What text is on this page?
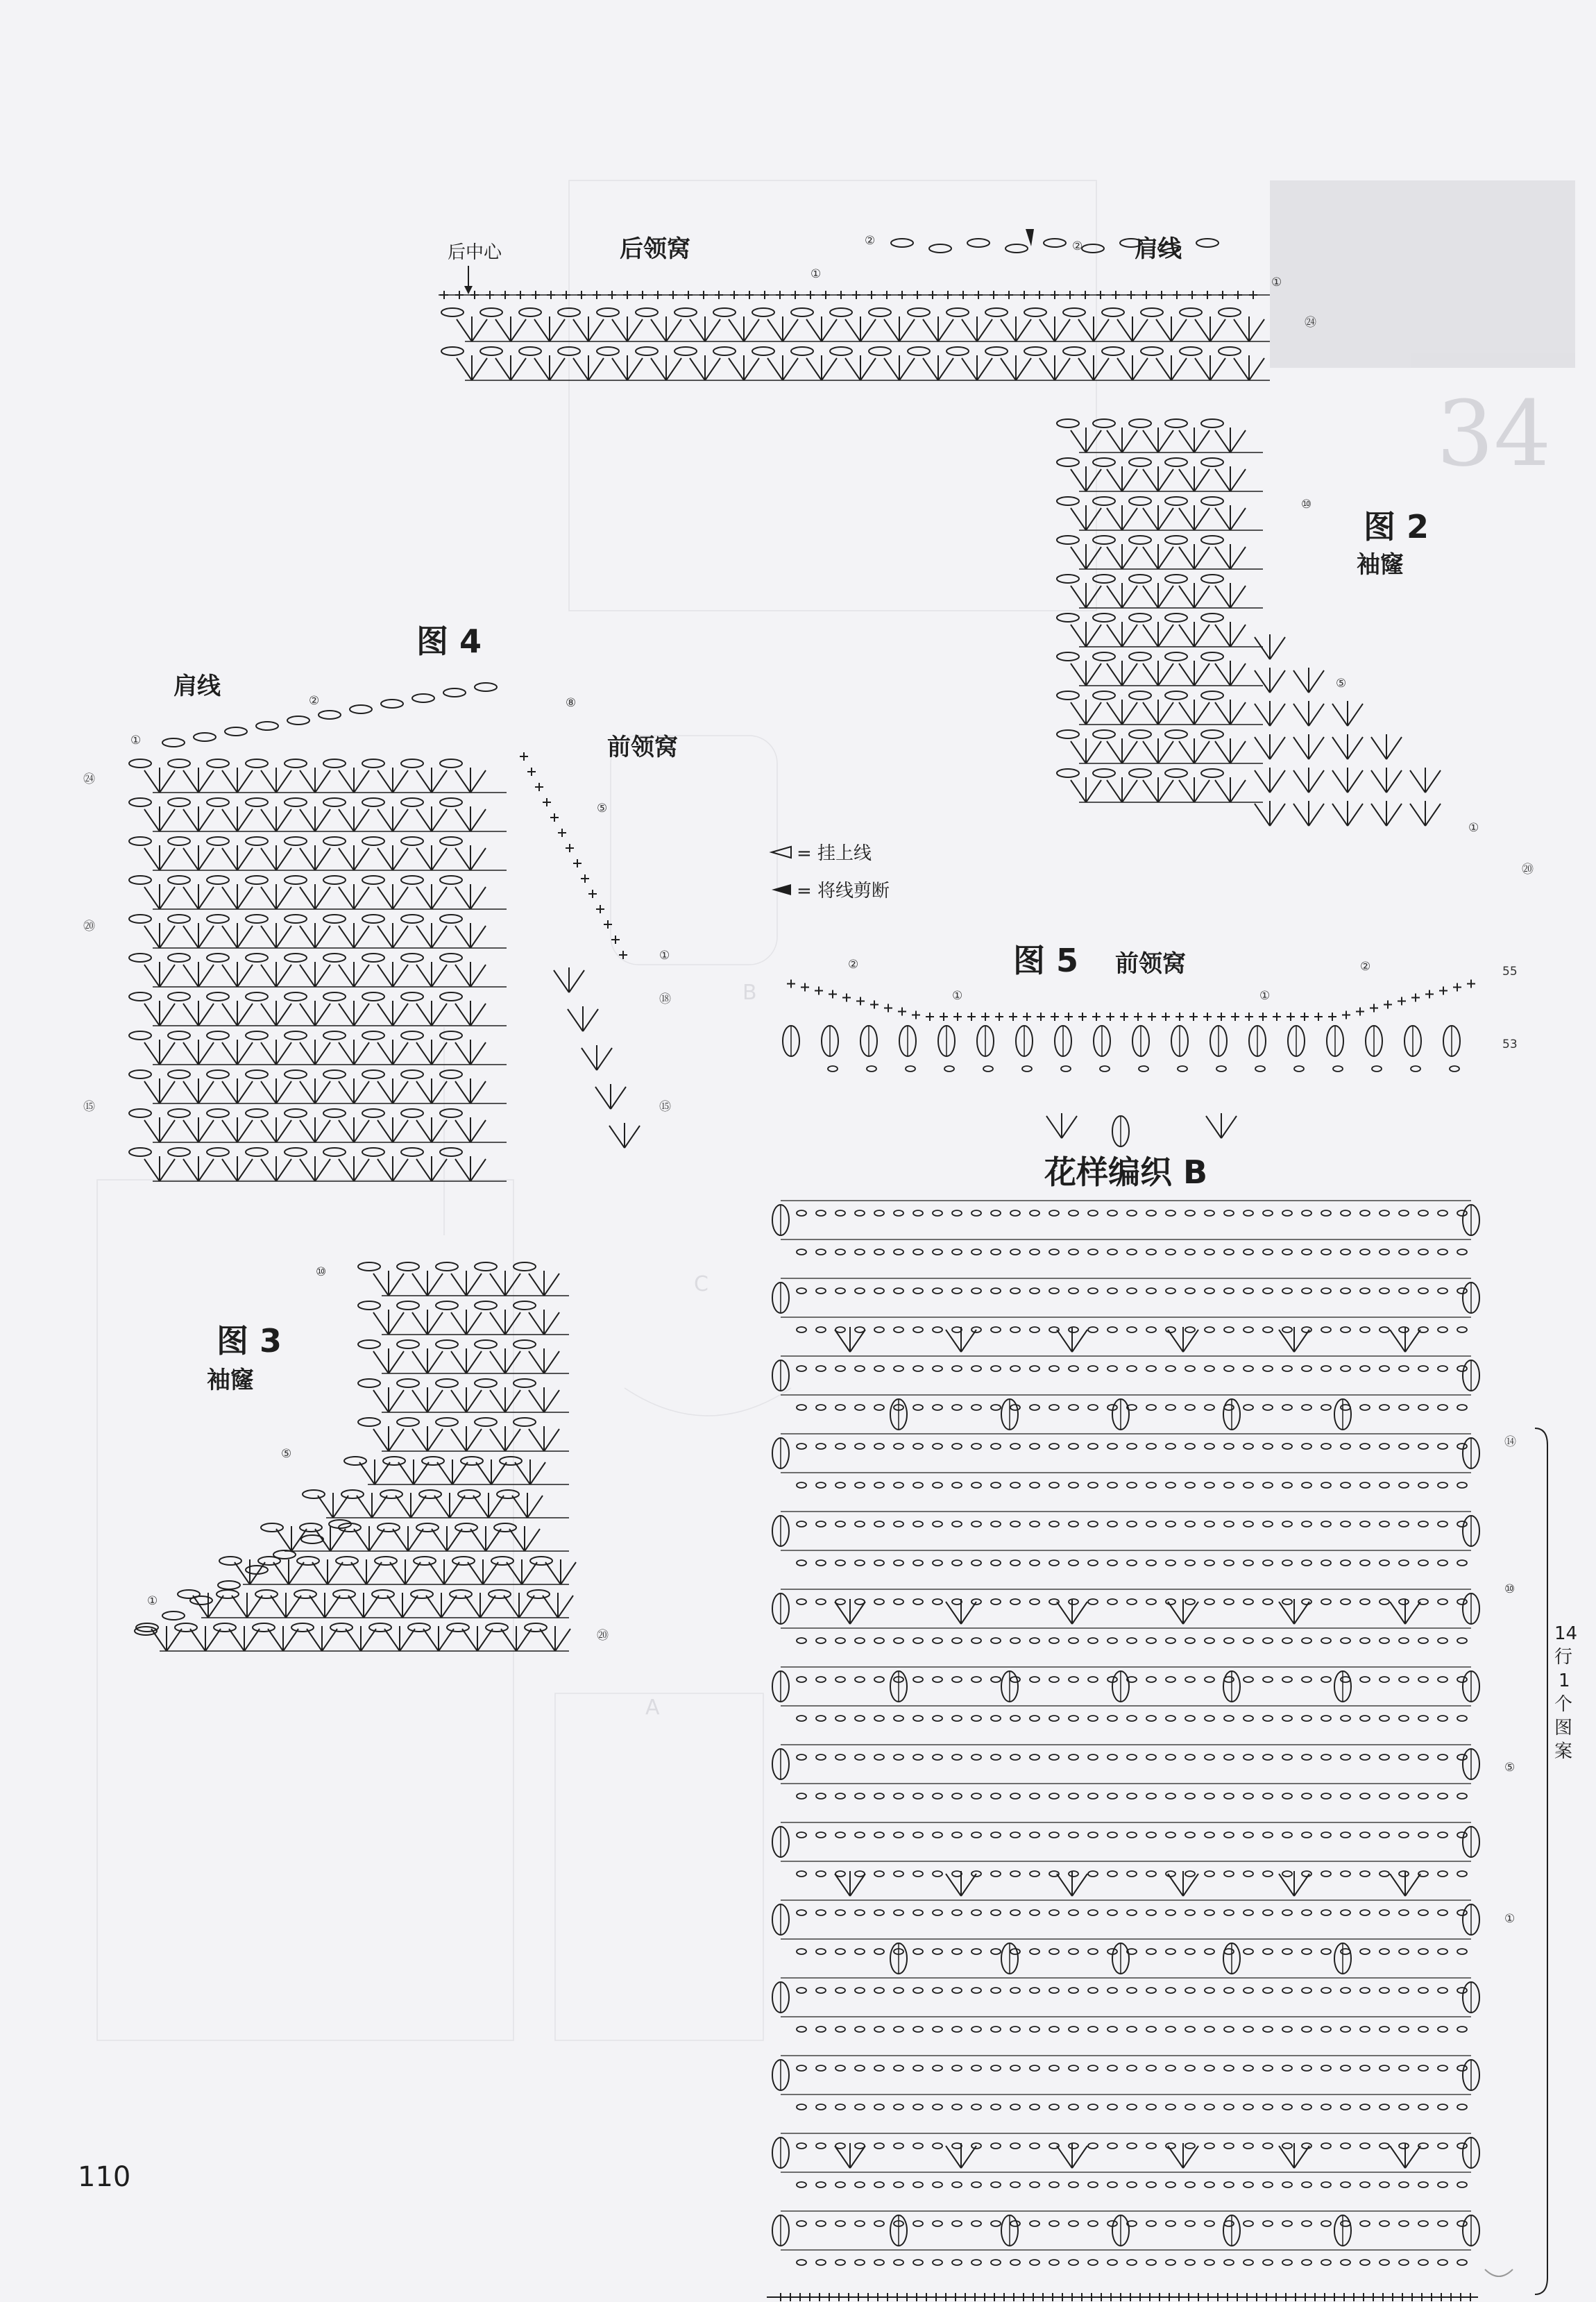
34
A
B
C
图 2
袖窿
肩线
后领窝
后中心
②
①
②
①
㉔
⑩
⑤
①
⑳
图 4
肩线
前领窝
②
①
㉔
⑳
⑮
⑧
⑤
①
⑱
⑮
图 3
袖窿
⑩
⑤
①
⑳
= 挂上线
= 将线剪断
图 5 前领窝
②
①	①
②	55
53
花样编织 B
14
行
1
个
图
案
⑭
⑩
⑤
①
110
